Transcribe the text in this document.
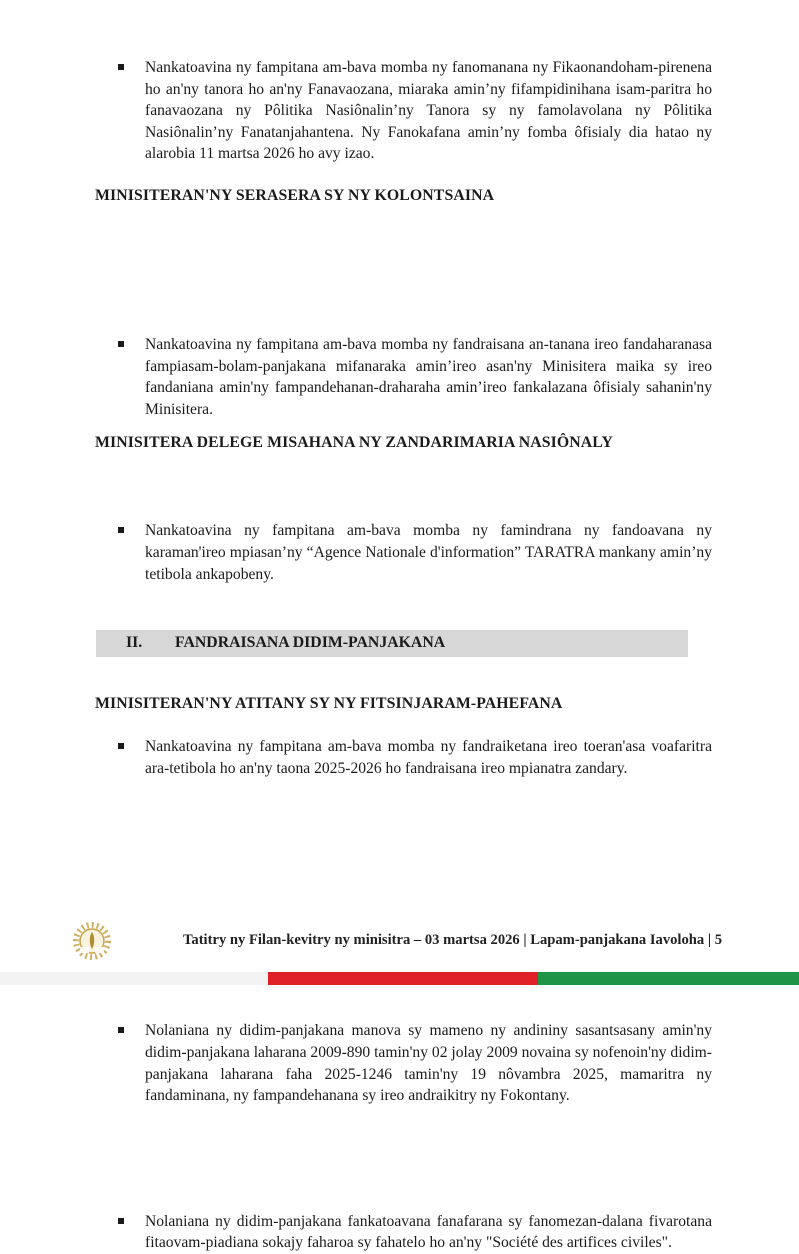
Nankatoavina ny fampitana am-bava momba ny fanomanana ny Fikaonandoham-pirenena ho an'ny tanora ho an'ny Fanavaozana, miaraka amin’ny fifampidinihana isam-paritra ho fanavaozana ny Pôlitika Nasiônalin’ny Tanora sy ny famolavolana ny Pôlitika Nasiônalin’ny Fanatanjahantena. Ny Fanokafana amin’ny fomba ôfisialy dia hatao ny alarobia 11 martsa 2026 ho avy izao.
MINISITERAN'NY SERASERA SY NY KOLONTSAINA
Nankatoavina ny fampitana am-bava momba ny fandraisana an-tanana ireo fandaharanasa fampiasam-bolam-panjakana mifanaraka amin’ireo asan'ny Minisitera maika sy ireo fandaniana amin'ny fampandehanan-draharaha amin’ireo fankalazana ôfisialy sahanin'ny Minisitera.
Nankatoavina ny fampitana am-bava momba ny famindrana ny fandoavana ny karaman'ireo mpiasan’ny “Agence Nationale d'information” TARATRA mankany amin’ny tetibola ankapobeny.
MINISITERA DELEGE MISAHANA NY ZANDARIMARIA NASIÔNALY
Nankatoavina ny fampitana am-bava momba ny fandraiketana ireo toeran'asa voafaritra ara-tetibola ho an'ny taona 2025-2026 ho fandraisana ireo mpianatra zandary.
II.	FANDRAISANA DIDIM-PANJAKANA
MINISITERAN'NY ATITANY SY NY FITSINJARAM-PAHEFANA
Nolaniana ny didim-panjakana manova sy mameno ny andininy sasantsasany amin'ny didim-panjakana laharana 2009-890 tamin'ny 02 jolay 2009 novaina sy nofenoin'ny didim-panjakana laharana faha 2025-1246 tamin'ny 19 nôvambra 2025, mamaritra ny fandaminana, ny fampandehanana sy ireo andraikitry ny Fokontany.
Nolaniana ny didim-panjakana fankatoavana fanafarana sy fanomezan-dalana fivarotana fitaovam-piadiana sokajy faharoa sy fahatelo ho an'ny "Société des artifices civiles".
Tatitry ny Filan-kevitry ny minisitra – 03 martsa 2026 | Lapam-panjakana Iavoloha | 5
